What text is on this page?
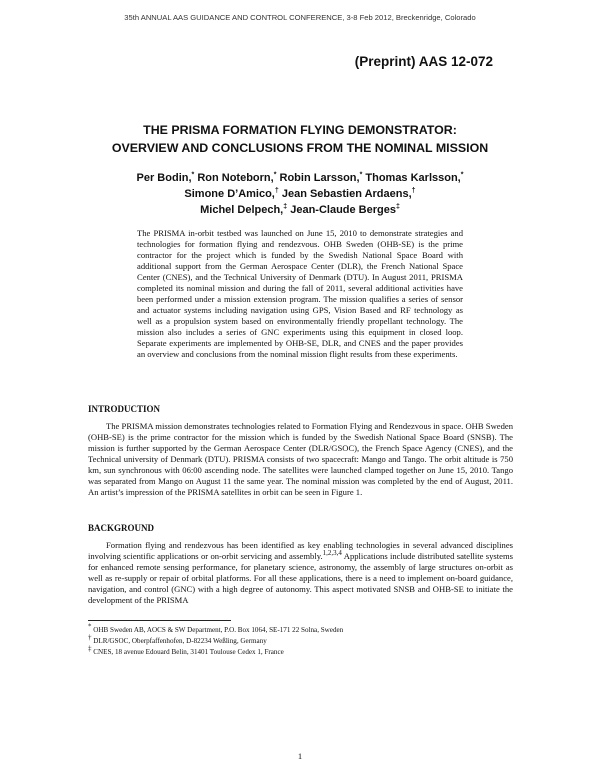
35th ANNUAL AAS GUIDANCE AND CONTROL CONFERENCE, 3-8 Feb 2012, Breckenridge, Colorado
(Preprint) AAS 12-072
THE PRISMA FORMATION FLYING DEMONSTRATOR:
OVERVIEW AND CONCLUSIONS FROM THE NOMINAL MISSION
Per Bodin,* Ron Noteborn,* Robin Larsson,* Thomas Karlsson,*
Simone D’Amico,† Jean Sebastien Ardaens,†
Michel Delpech,‡ Jean-Claude Berges‡
The PRISMA in-orbit testbed was launched on June 15, 2010 to demonstrate strategies and technologies for formation flying and rendezvous. OHB Sweden (OHB-SE) is the prime contractor for the project which is funded by the Swedish National Space Board with additional support from the German Aerospace Center (DLR), the French National Space Center (CNES), and the Technical University of Denmark (DTU). In August 2011, PRISMA completed its nominal mission and during the fall of 2011, several additional activities have been performed under a mission extension program. The mission qualifies a series of sensor and actuator systems including navigation using GPS, Vision Based and RF technology as well as a propulsion system based on environmentally friendly propellant technology. The mission also includes a series of GNC experiments using this equipment in closed loop. Separate experiments are implemented by OHB-SE, DLR, and CNES and the paper provides an overview and conclusions from the nominal mission flight results from these experiments.
INTRODUCTION
The PRISMA mission demonstrates technologies related to Formation Flying and Rendezvous in space. OHB Sweden (OHB-SE) is the prime contractor for the mission which is funded by the Swedish National Space Board (SNSB). The mission is further supported by the German Aerospace Center (DLR/GSOC), the French Space Agency (CNES), and the Technical university of Denmark (DTU). PRISMA consists of two spacecraft: Mango and Tango. The orbit altitude is 750 km, sun synchronous with 06:00 ascending node. The satellites were launched clamped together on June 15, 2010. Tango was separated from Mango on August 11 the same year. The nominal mission was completed by the end of August, 2011. An artist’s impression of the PRISMA satellites in orbit can be seen in Figure 1.
BACKGROUND
Formation flying and rendezvous has been identified as key enabling technologies in several advanced disciplines involving scientific applications or on-orbit servicing and assembly.$^{1,2,3,4}$ Applications include distributed satellite systems for enhanced remote sensing performance, for planetary science, astronomy, the assembly of large structures on-orbit as well as re-supply or repair of orbital platforms. For all these applications, there is a need to implement on-board guidance, navigation, and control (GNC) with a high degree of autonomy. This aspect motivated SNSB and OHB-SE to initiate the development of the PRISMA
* OHB Sweden AB, AOCS & SW Department, P.O. Box 1064, SE-171 22 Solna, Sweden
† DLR/GSOC, Oberpfaffenhofen, D-82234 Weßling, Germany
‡ CNES, 18 avenue Edouard Belin, 31401 Toulouse Cedex 1, France
1
